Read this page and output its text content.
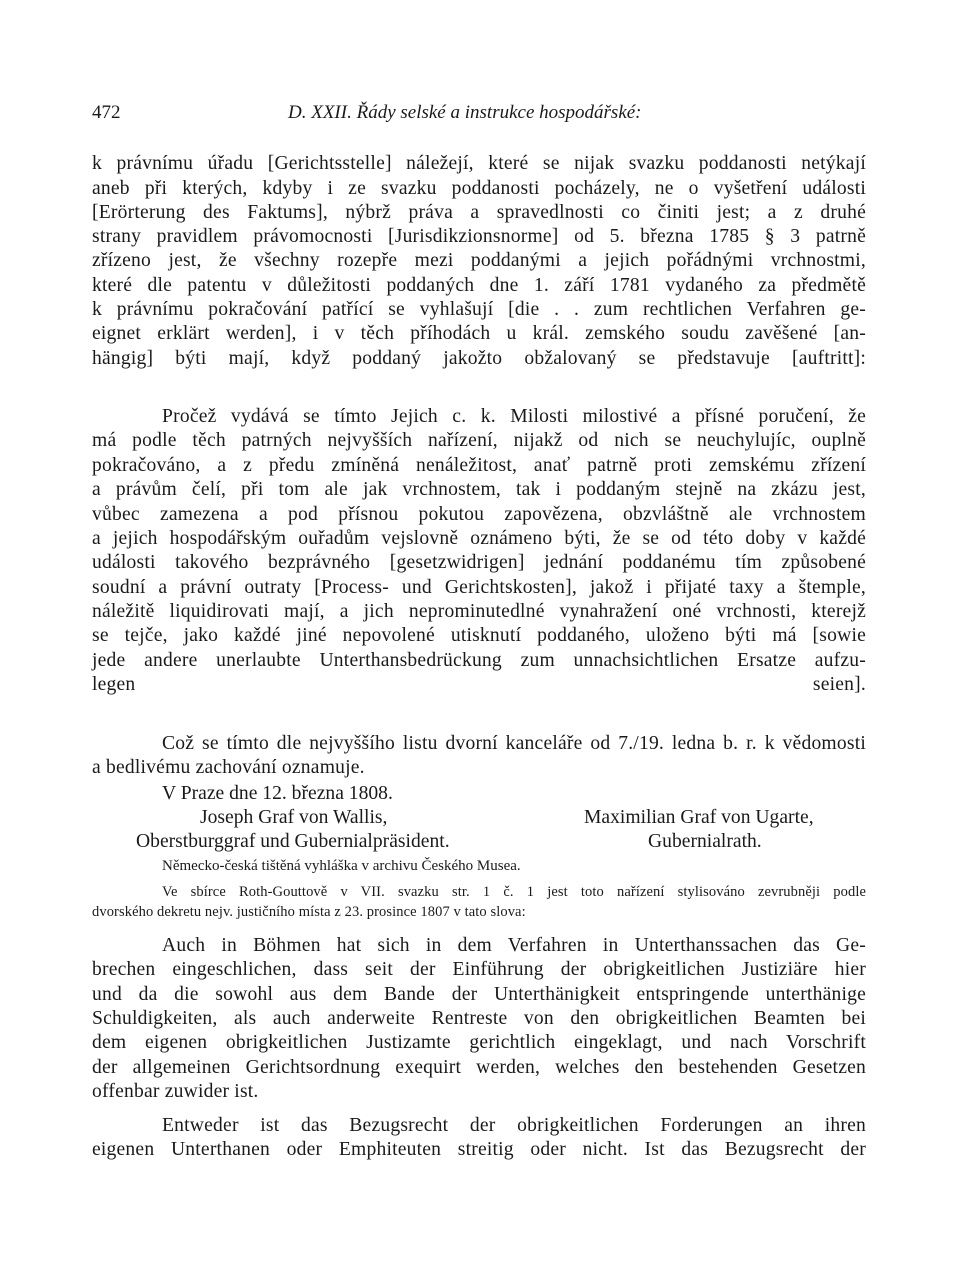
472	D. XXII. Řády selské a instrukce hospodářské:
k právnímu úřadu [Gerichtsstelle] náležejí, které se nijak svazku poddanosti netýkají
aneb při kterých, kdyby i ze svazku poddanosti pocházely, ne o vyšetření události
[Erörterung des Faktums], nýbrž práva a spravedlnosti co činiti jest; a z druhé
strany pravidlem právomocnosti [Jurisdikzionsnorme] od 5. března 1785 § 3 patrně
zřízeno jest, že všechny rozepře mezi poddanými a jejich pořádnými vrchnostmi,
které dle patentu v důležitosti poddaných dne 1. září 1781 vydaného za předmětě
k právnímu pokračování patřící se vyhlašují [die . . zum rechtlichen Verfahren ge-
eignet erklärt werden], i v těch příhodách u král. zemského soudu zavěšené [an-
hängig] býti mají, když poddaný jakožto obžalovaný se představuje [auftritt]:
Pročež vydává se tímto Jejich c. k. Milosti milostivé a přísné poručení, že
má podle těch patrných nejvyšších nařízení, nijakž od nich se neuchylujíc, ouplně
pokračováno, a z předu zmíněná nenáležitost, anať patrně proti zemskému zřízení
a právům čelí, při tom ale jak vrchnostem, tak i poddaným stejně na zkázu jest,
vůbec zamezena a pod přísnou pokutou zapovězena, obzvláštně ale vrchnostem
a jejich hospodářským ouřadům vejslovně oznámeno býti, že se od této doby v každé
události takového bezprávného [gesetzwidrigen] jednání poddanému tím způsobené
soudní a právní outraty [Process- und Gerichtskosten], jakož i přijaté taxy a štemple,
náležitě liquidirovati mají, a jich neprominutedlné vynahražení oné vrchnosti, kterejž
se tejče, jako každé jiné nepovolené utisknutí poddaného, uloženo býti má [sowie
jede andere unerlaubte Unterthansbedrückung zum unnachsichtlichen Ersatze aufzu-
legen seien].
Což se tímto dle nejvyššího listu dvorní kanceláře od 7./19. ledna b. r. k vědomosti
a bedlivému zachování oznamuje.
V Praze dne 12. března 1808.
Joseph Graf von Wallis,
Oberstburggraf und Gubernialpräsident.
Maximilian Graf von Ugarte,
Gubernialrath.
Německo-česká tištěná vyhláška v archivu Českého Musea.
Ve sbírce Roth-Gouttově v VII. svazku str. 1 č. 1 jest toto nařízení stylisováno zevrubněji podle
dvorského dekretu nejv. justičního místa z 23. prosince 1807 v tato slova:
Auch in Böhmen hat sich in dem Verfahren in Unterthanssachen das Ge-
brechen eingeschlichen, dass seit der Einführung der obrigkeitlichen Justiziäre hier
und da die sowohl aus dem Bande der Unterthänigkeit entspringende unterthänige
Schuldigkeiten, als auch anderweite Rentreste von den obrigkeitlichen Beamten bei
dem eigenen obrigkeitlichen Justizamte gerichtlich eingeklagt, und nach Vorschrift
der allgemeinen Gerichtsordnung exequirt werden, welches den bestehenden Gesetzen
offenbar zuwider ist.
Entweder ist das Bezugsrecht der obrigkeitlichen Forderungen an ihren
eigenen Unterthanen oder Emphiteuten streitig oder nicht. Ist das Bezugsrecht der
